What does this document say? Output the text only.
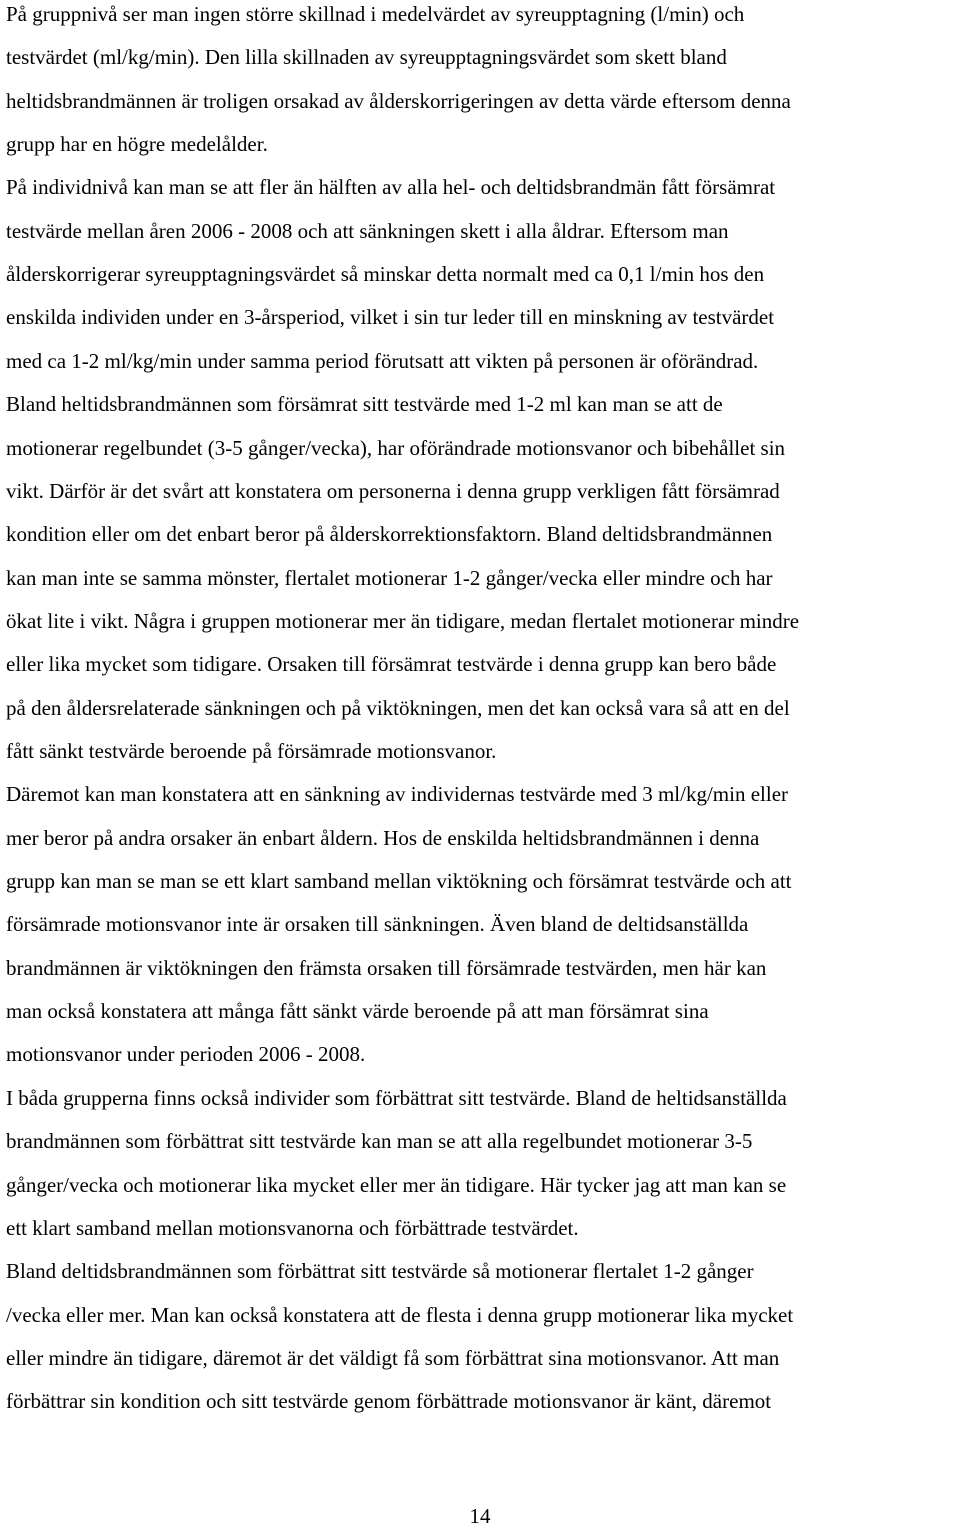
På gruppnivå ser man ingen större skillnad i medelvärdet av syreupptagning (l/min) och
testvärdet (ml/kg/min). Den lilla skillnaden av syreupptagningsvärdet som skett bland
heltidsbrandmännen är troligen orsakad av ålderskorrigeringen av detta värde eftersom denna
grupp har en högre medelålder.
På individnivå kan man se att fler än hälften av alla hel- och deltidsbrandmän fått försämrat
testvärde mellan åren 2006 - 2008 och att sänkningen skett i alla åldrar. Eftersom man
ålderskorrigerar syreupptagningsvärdet så minskar detta normalt med ca 0,1 l/min hos den
enskilda individen under en 3-årsperiod, vilket i sin tur leder till en minskning av testvärdet
med ca 1-2 ml/kg/min under samma period förutsatt att vikten på personen är oförändrad.
Bland heltidsbrandmännen som försämrat sitt testvärde med 1-2 ml kan man se att de
motionerar regelbundet (3-5 gånger/vecka), har oförändrade motionsvanor och bibehållet sin
vikt. Därför är det svårt att konstatera om personerna i denna grupp verkligen fått försämrad
kondition eller om det enbart beror på ålderskorrektionsfaktorn. Bland deltidsbrandmännen
kan man inte se samma mönster, flertalet motionerar 1-2 gånger/vecka eller mindre och har
ökat lite i vikt. Några i gruppen motionerar mer än tidigare, medan flertalet motionerar mindre
eller lika mycket som tidigare. Orsaken till försämrat testvärde i denna grupp kan bero både
på den åldersrelaterade sänkningen och på viktökningen, men det kan också vara så att en del
fått sänkt testvärde beroende på försämrade motionsvanor.
Däremot kan man konstatera att en sänkning av individernas testvärde med 3 ml/kg/min eller
mer beror på andra orsaker än enbart åldern. Hos de enskilda heltidsbrandmännen i denna
grupp kan man se man se ett klart samband mellan viktökning och försämrat testvärde och att
försämrade motionsvanor inte är orsaken till sänkningen. Även bland de deltidsanställda
brandmännen är viktökningen den främsta orsaken till försämrade testvärden, men här kan
man också konstatera att många fått sänkt värde beroende på att man försämrat sina
motionsvanor under perioden 2006 - 2008.
I båda grupperna finns också individer som förbättrat sitt testvärde. Bland de heltidsanställda
brandmännen som förbättrat sitt testvärde kan man se att alla regelbundet motionerar 3-5
gånger/vecka och motionerar lika mycket eller mer än tidigare. Här tycker jag att man kan se
ett klart samband mellan motionsvanorna och förbättrade testvärdet.
Bland deltidsbrandmännen som förbättrat sitt testvärde så motionerar flertalet 1-2 gånger
/vecka eller mer. Man kan också konstatera att de flesta i denna grupp motionerar lika mycket
eller mindre än tidigare, däremot är det väldigt få som förbättrat sina motionsvanor. Att man
förbättrar sin kondition och sitt testvärde genom förbättrade motionsvanor är känt, däremot
14
